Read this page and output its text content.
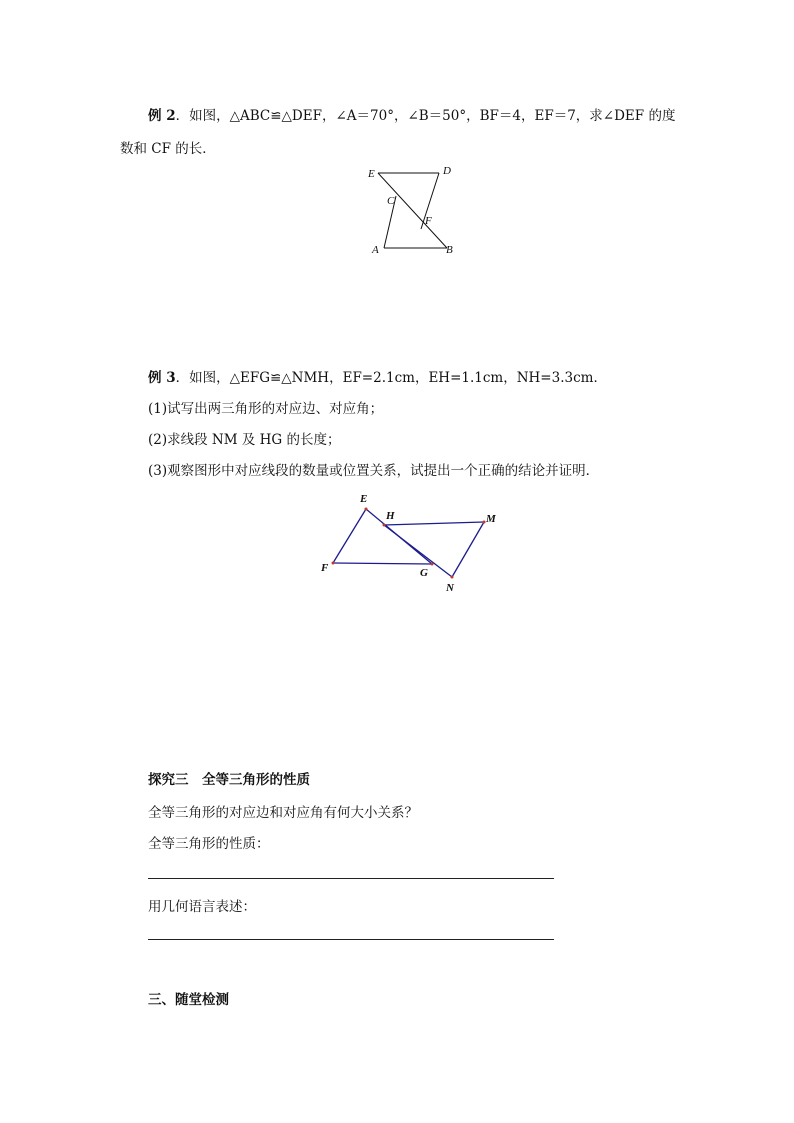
例 2．如图，△ABC≌△DEF，∠A＝70°，∠B＝50°，BF＝4，EF＝7，求∠DEF 的度
数和 CF 的长．
E	D
C
F
A	B
例 3．如图，△EFG≌△NMH，EF=2.1cm，EH=1.1cm，NH=3.3cm．
(1)试写出两三角形的对应边、对应角；
(2)求线段 NM 及 HG 的长度；
(3)观察图形中对应线段的数量或位置关系，试提出一个正确的结论并证明．
E
H	M
F	G
N
探究三　全等三角形的性质
全等三角形的对应边和对应角有何大小关系？
全等三角形的性质：
用几何语言表述：
三、随堂检测
